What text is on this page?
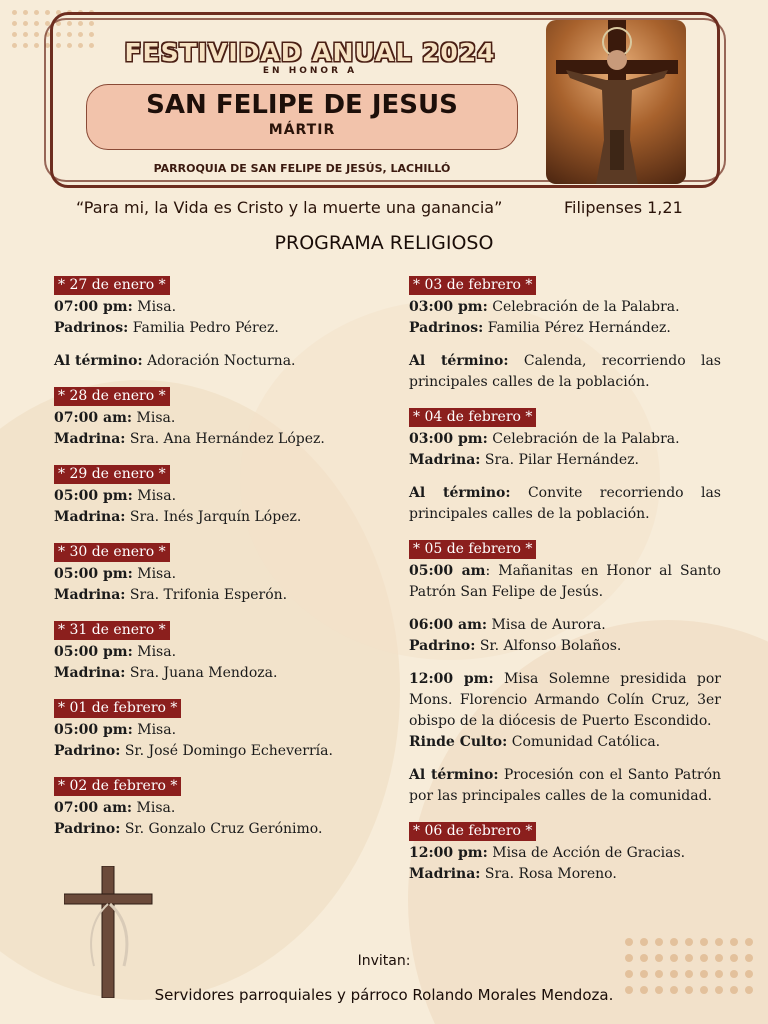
FESTIVIDAD ANUAL 2024
EN HONOR A
SAN FELIPE DE JESUS
MÁRTIR
PARROQUIA DE SAN FELIPE DE JESÚS, LACHILLÓ
“Para mi, la Vida es Cristo y la muerte una ganancia”	Filipenses 1,21
PROGRAMA RELIGIOSO
* 27 de enero *

07:00 pm: Misa.

Padrinos: Familia Pedro Pérez.

Al término: Adoración Nocturna.

* 28 de enero *

07:00 am: Misa.

Madrina: Sra. Ana Hernández López.

* 29 de enero *

05:00 pm: Misa.

Madrina: Sra. Inés Jarquín López.

* 30 de enero *

05:00 pm: Misa.

Madrina: Sra. Trifonia Esperón.

* 31 de enero *

05:00 pm: Misa.

Madrina: Sra. Juana Mendoza.

* 01 de febrero *

05:00 pm: Misa.

Padrino: Sr. José Domingo Echeverría.

* 02 de febrero *

07:00 am: Misa.

Padrino: Sr. Gonzalo Cruz Gerónimo.

* 03 de febrero *

03:00 pm: Celebración de la Palabra.

Padrinos: Familia Pérez Hernández.

Al término: Calenda, recorriendo las principales calles de la población.

* 04 de febrero *

03:00 pm: Celebración de la Palabra.

Madrina: Sra. Pilar Hernández.

Al término: Convite recorriendo las principales calles de la población.

* 05 de febrero *

05:00 am: Mañanitas en Honor al Santo Patrón San Felipe de Jesús.

06:00 am: Misa de Aurora.

Padrino: Sr. Alfonso Bolaños.

12:00 pm: Misa Solemne presidida por Mons. Florencio Armando Colín Cruz, 3er obispo de la diócesis de Puerto Escondido.

Rinde Culto: Comunidad Católica.

Al término: Procesión con el Santo Patrón por las principales calles de la comunidad.

* 06 de febrero *

12:00 pm: Misa de Acción de Gracias.

Madrina: Sra. Rosa Moreno.

Invitan:
Servidores parroquiales y párroco Rolando Morales Mendoza.
